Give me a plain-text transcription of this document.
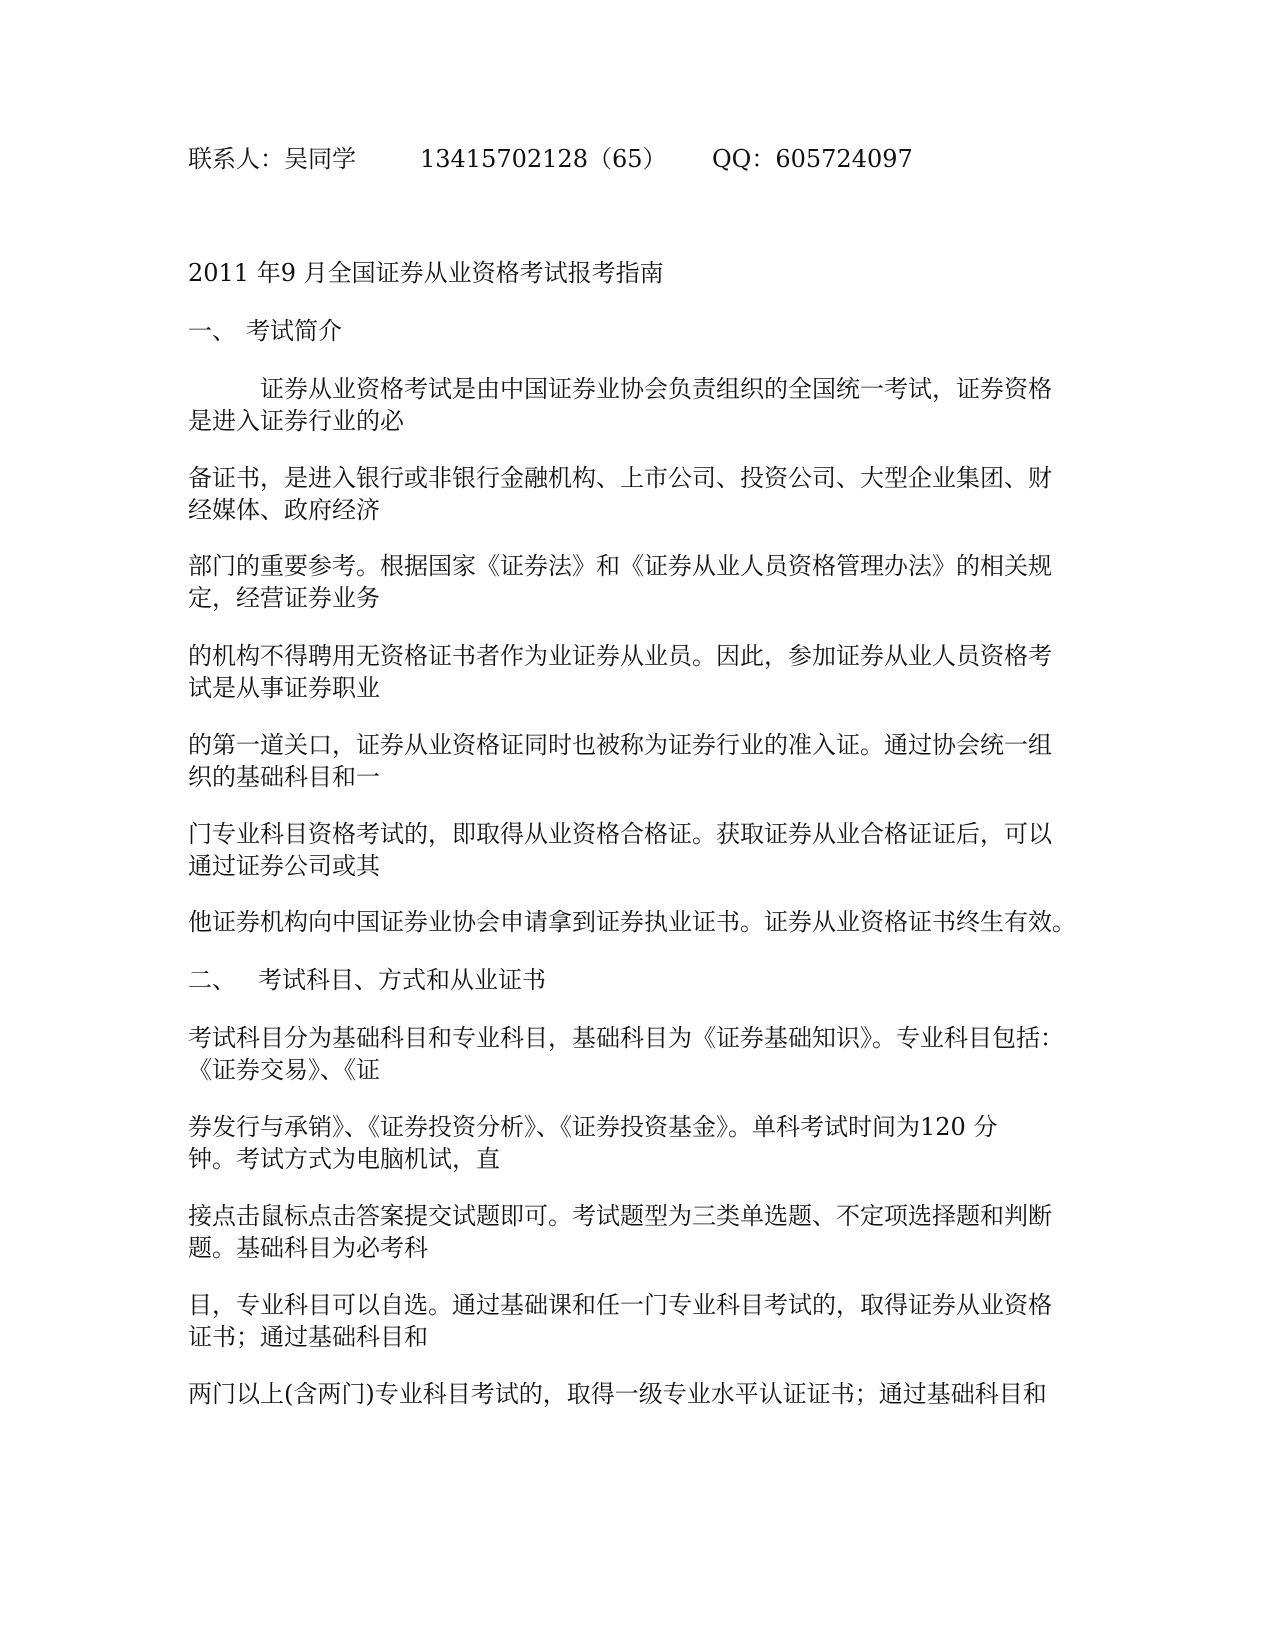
联系人：吴同学	13415702128（65） QQ：605724097
2011 年9 月全国证券从业资格考试报考指南
一、 考试简介
证券从业资格考试是由中国证券业协会负责组织的全国统一考试，证券资格
是进入证券行业的必
备证书，是进入银行或非银行金融机构、上市公司、投资公司、大型企业集团、财
经媒体、政府经济
部门的重要参考。根据国家《证券法》和《证券从业人员资格管理办法》的相关规
定，经营证券业务
的机构不得聘用无资格证书者作为业证券从业员。因此，参加证券从业人员资格考
试是从事证券职业
的第一道关口，证券从业资格证同时也被称为证券行业的准入证。通过协会统一组
织的基础科目和一
门专业科目资格考试的，即取得从业资格合格证。获取证券从业合格证证后，可以
通过证券公司或其
他证券机构向中国证券业协会申请拿到证券执业证书。证券从业资格证书终生有效。
二、 考试科目、方式和从业证书
考试科目分为基础科目和专业科目，基础科目为《证券基础知识》。专业科目包括：
《证券交易》、《证
券发行与承销》、《证券投资分析》、《证券投资基金》。单科考试时间为120 分
钟。考试方式为电脑机试，直
接点击鼠标点击答案提交试题即可。考试题型为三类单选题、不定项选择题和判断
题。基础科目为必考科
目，专业科目可以自选。通过基础课和任一门专业科目考试的，取得证券从业资格
证书；通过基础科目和
两门以上(含两门)专业科目考试的，取得一级专业水平认证证书；通过基础科目和
